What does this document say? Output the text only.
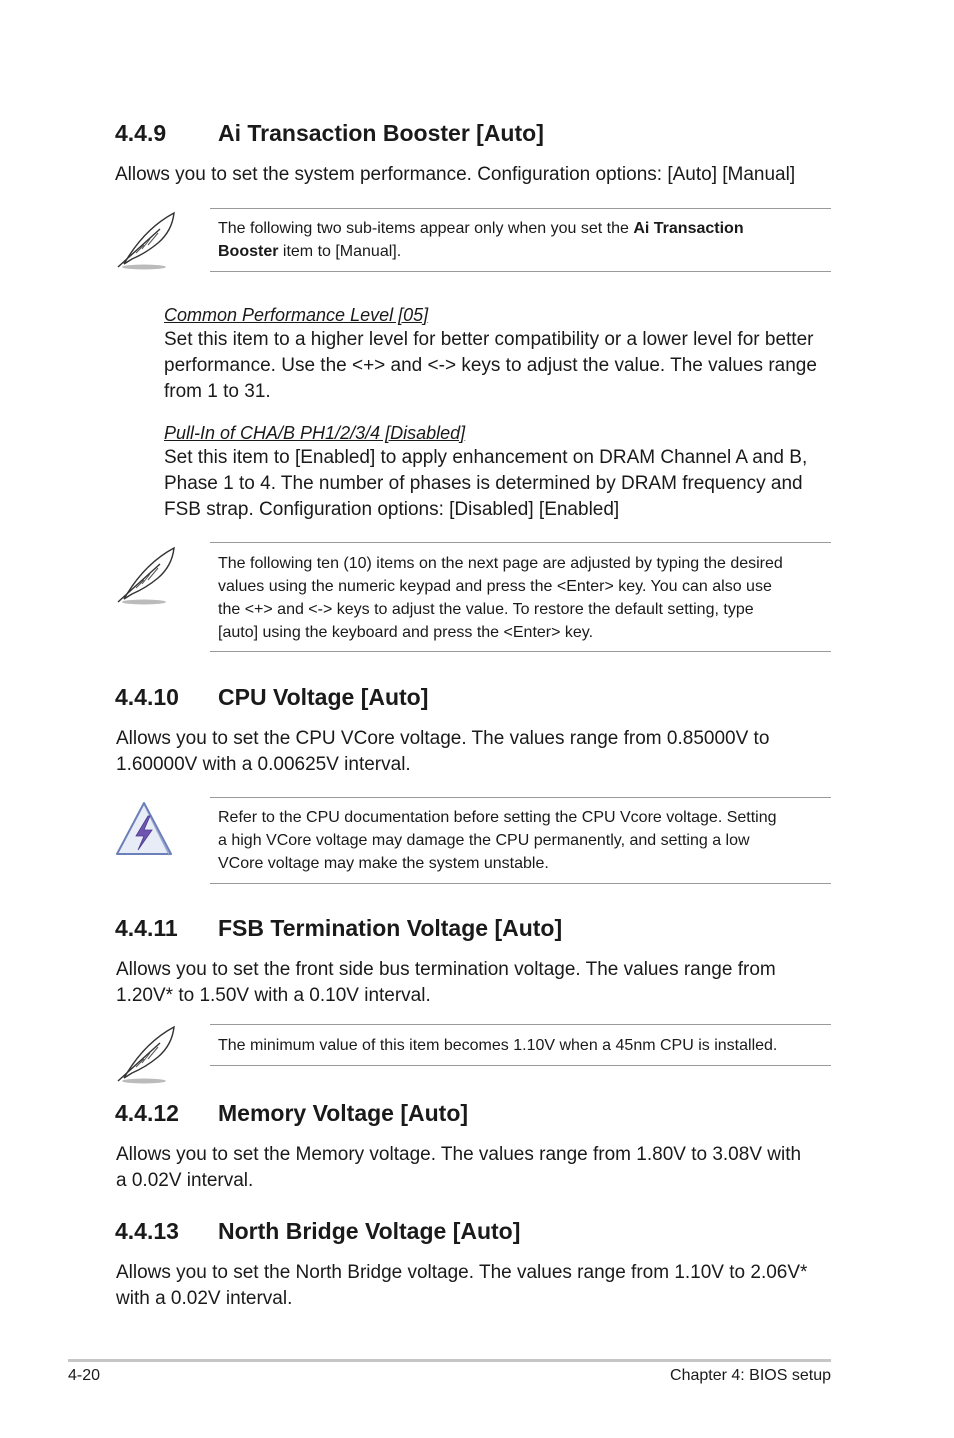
4.4.9 Ai Transaction Booster [Auto]

Allows you to set the system performance. Configuration options: [Auto] [Manual]

The following two sub-items appear only when you set the Ai Transaction
Booster item to [Manual].

Common Performance Level [05]

Set this item to a higher level for better compatibility or a lower level for better
performance. Use the <+> and <-> keys to adjust the value. The values range
from 1 to 31.

Pull-In of CHA/B PH1/2/3/4 [Disabled]

Set this item to [Enabled] to apply enhancement on DRAM Channel A and B,
Phase 1 to 4. The number of phases is determined by DRAM frequency and
FSB strap. Configuration options: [Disabled] [Enabled]
The following ten (10) items on the next page are adjusted by typing the desired
values using the numeric keypad and press the <Enter> key. You can also use
the <+> and <-> keys to adjust the value. To restore the default setting, type
[auto] using the keyboard and press the <Enter> key.
4.4.10 CPU Voltage [Auto]
Allows you to set the CPU VCore voltage. The values range from 0.85000V to
1.60000V with a 0.00625V interval.
Refer to the CPU documentation before setting the CPU Vcore voltage. Setting
a high VCore voltage may damage the CPU permanently, and setting a low
VCore voltage may make the system unstable.
4.4.11 FSB Termination Voltage [Auto]
Allows you to set the front side bus termination voltage. The values range from
1.20V* to 1.50V with a 0.10V interval.

The minimum value of this item becomes 1.10V when a 45nm CPU is installed.

4.4.12 Memory Voltage [Auto]
Allows you to set the Memory voltage. The values range from 1.80V to 3.08V with
a 0.02V interval.
4.4.13 North Bridge Voltage [Auto]
Allows you to set the North Bridge voltage. The values range from 1.10V to 2.06V*
with a 0.02V interval.
4-20	Chapter 4: BIOS setup
